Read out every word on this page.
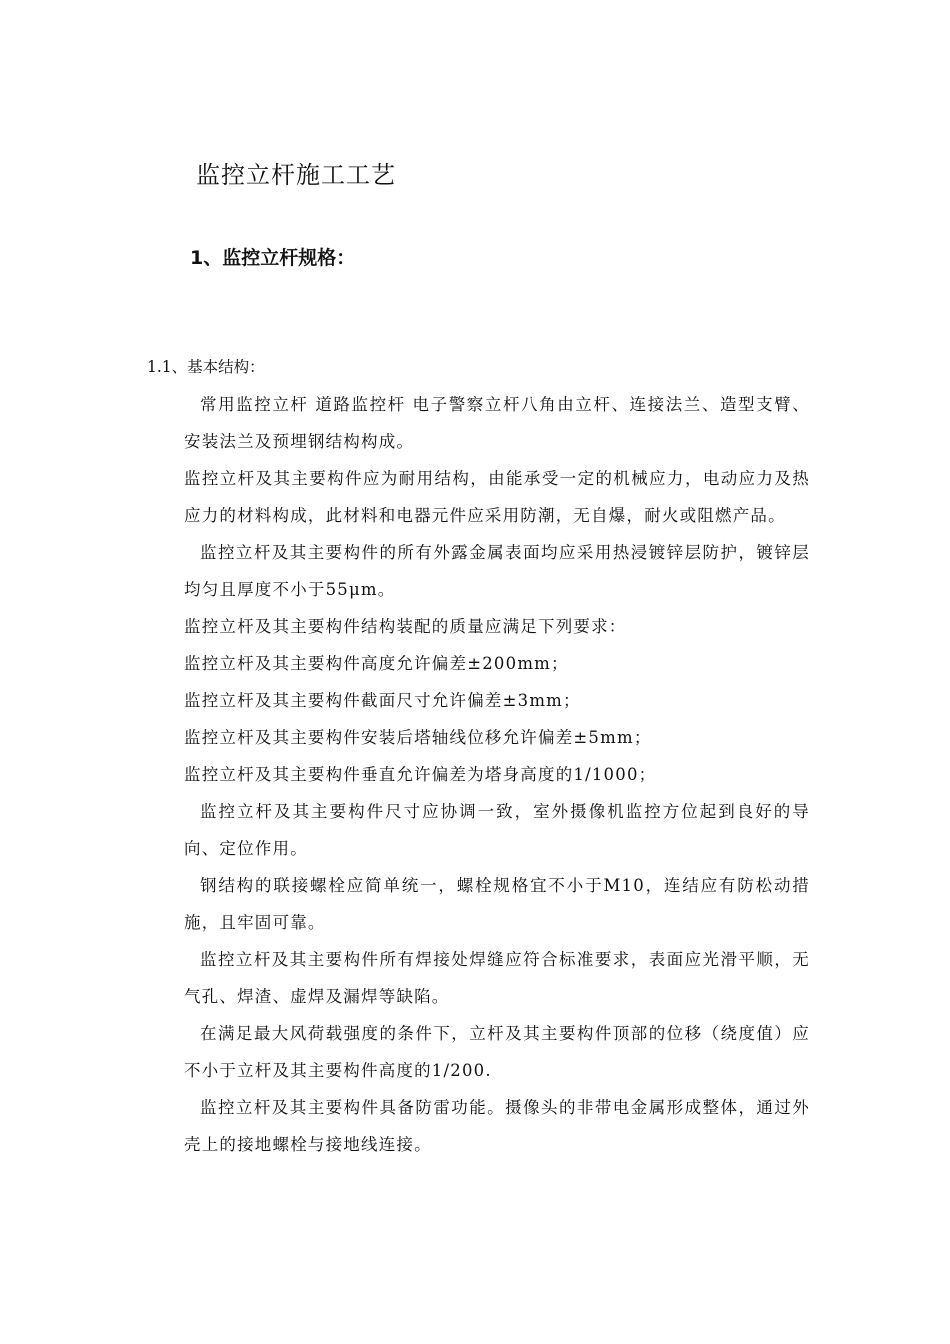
监控立杆施工工艺
1、监控立杆规格：
1.1、基本结构：

常用监控立杆 道路监控杆 电子警察立杆八角由立杆、连接法兰、造型支臂、安装法兰及预埋钢结构构成。

监控立杆及其主要构件应为耐用结构，由能承受一定的机械应力，电动应力及热应力的材料构成，此材料和电器元件应采用防潮，无自爆，耐火或阻燃产品。

监控立杆及其主要构件的所有外露金属表面均应采用热浸镀锌层防护，镀锌层均匀且厚度不小于55μm。

监控立杆及其主要构件结构装配的质量应满足下列要求：

监控立杆及其主要构件高度允许偏差±200mm；

监控立杆及其主要构件截面尺寸允许偏差±3mm；

监控立杆及其主要构件安装后塔轴线位移允许偏差±5mm；

监控立杆及其主要构件垂直允许偏差为塔身高度的1/1000；

监控立杆及其主要构件尺寸应协调一致，室外摄像机监控方位起到良好的导向、定位作用。

钢结构的联接螺栓应简单统一，螺栓规格宜不小于M10，连结应有防松动措施，且牢固可靠。

监控立杆及其主要构件所有焊接处焊缝应符合标准要求，表面应光滑平顺，无气孔、焊渣、虚焊及漏焊等缺陷。

在满足最大风荷载强度的条件下，立杆及其主要构件顶部的位移（绕度值）应不小于立杆及其主要构件高度的1/200.

监控立杆及其主要构件具备防雷功能。摄像头的非带电金属形成整体，通过外壳上的接地螺栓与接地线连接。
